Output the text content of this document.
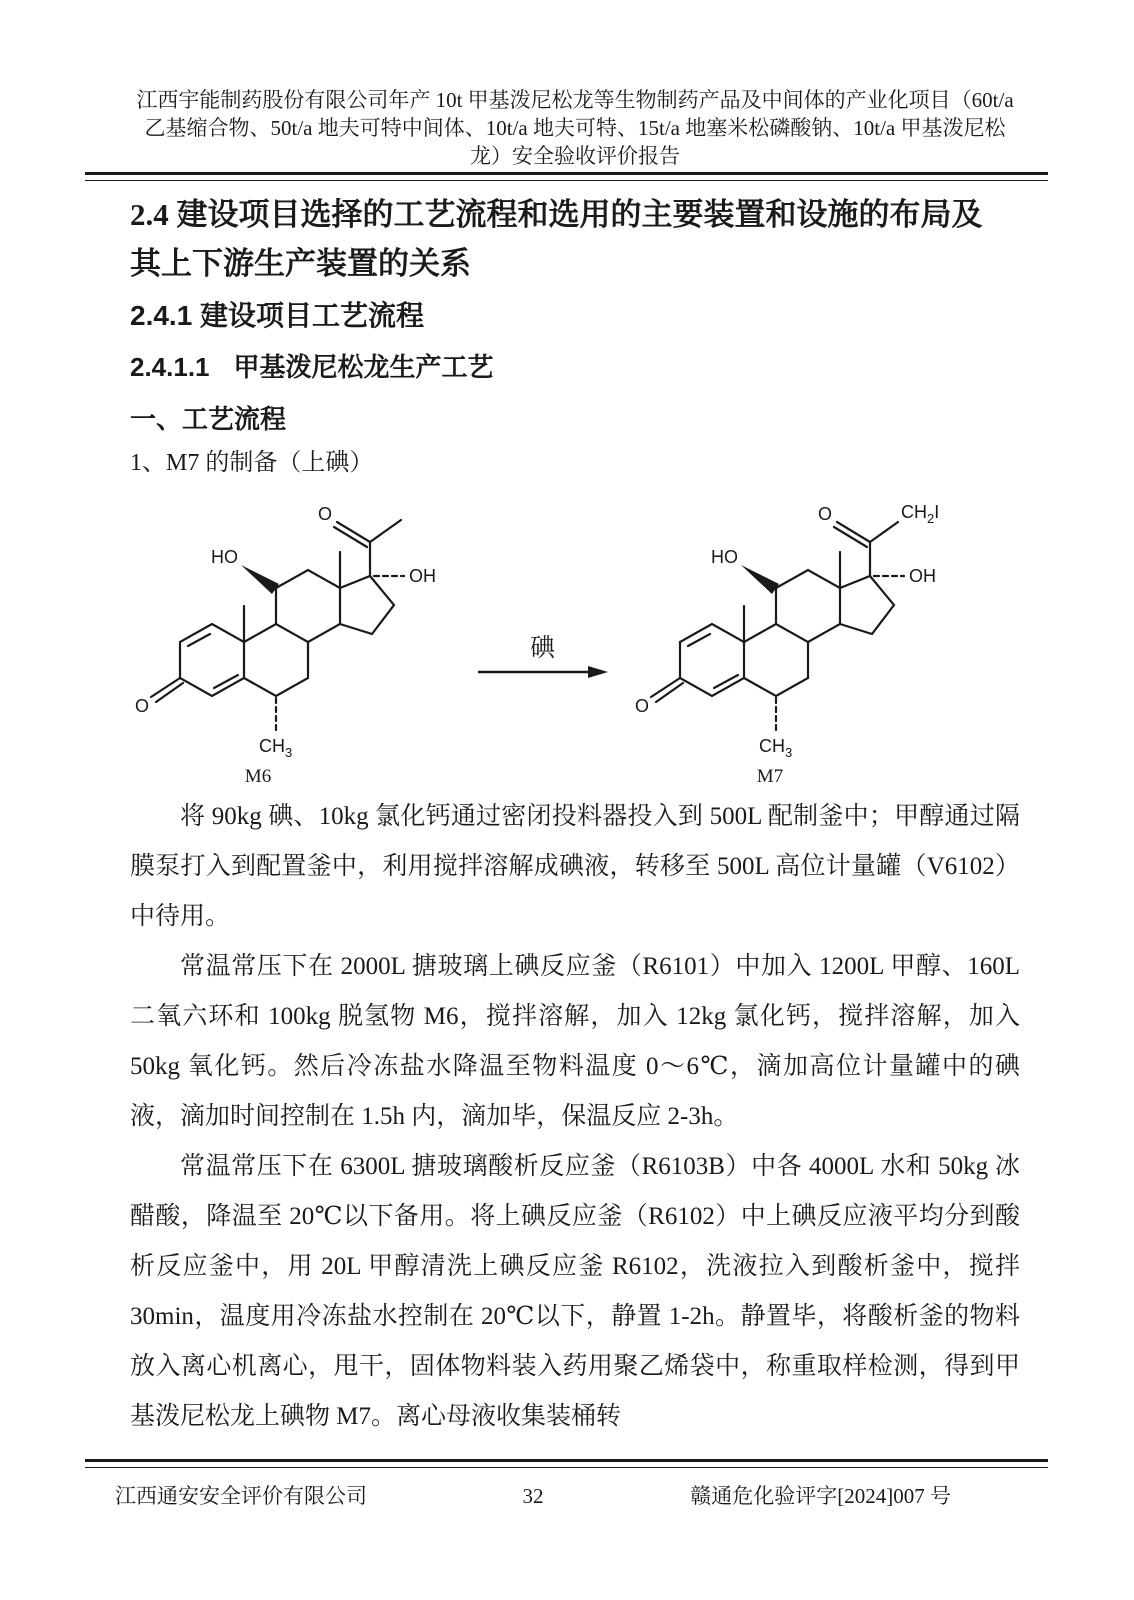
江西宇能制药股份有限公司年产 10t 甲基泼尼松龙等生物制药产品及中间体的产业化项目（60t/a
乙基缩合物、50t/a 地夫可特中间体、10t/a 地夫可特、15t/a 地塞米松磷酸钠、10t/a 甲基泼尼松
龙）安全验收评价报告
2.4 建设项目选择的工艺流程和选用的主要装置和设施的布局及
其上下游生产装置的关系
2.4.1 建设项目工艺流程
2.4.1.1 甲基泼尼松龙生产工艺
一、工艺流程
1、M7 的制备（上碘）
O
HO
O
OH
$CH_3$
M6
碘
O
HO
O
OH
$CH_2I$
$CH_3$
M7

将 90kg 碘、10kg 氯化钙通过密闭投料器投入到 500L 配制釜中；甲醇通过隔膜泵打入到配置釜中，利用搅拌溶解成碘液，转移至 500L 高位计量罐（V6102）中待用。

常温常压下在 2000L 搪玻璃上碘反应釜（R6101）中加入 1200L 甲醇、160L 二氧六环和 100kg 脱氢物 M6，搅拌溶解，加入 12kg 氯化钙，搅拌溶解，加入 50kg 氧化钙。然后冷冻盐水降温至物料温度 0～6℃，滴加高位计量罐中的碘液，滴加时间控制在 1.5h 内，滴加毕，保温反应 2-3h。

常温常压下在 6300L 搪玻璃酸析反应釜（R6103B）中各 4000L 水和 50kg 冰醋酸，降温至 20℃以下备用。将上碘反应釜（R6102）中上碘反应液平均分到酸析反应釜中，用 20L 甲醇清洗上碘反应釜 R6102，洗液拉入到酸析釜中，搅拌 30min，温度用冷冻盐水控制在 20℃以下，静置 1-2h。静置毕，将酸析釜的物料放入离心机离心，甩干，固体物料装入药用聚乙烯袋中，称重取样检测，得到甲基泼尼松龙上碘物 M7。离心母液收集装桶转

江西通安安全评价有限公司	32	赣通危化验评字[2024]007 号
